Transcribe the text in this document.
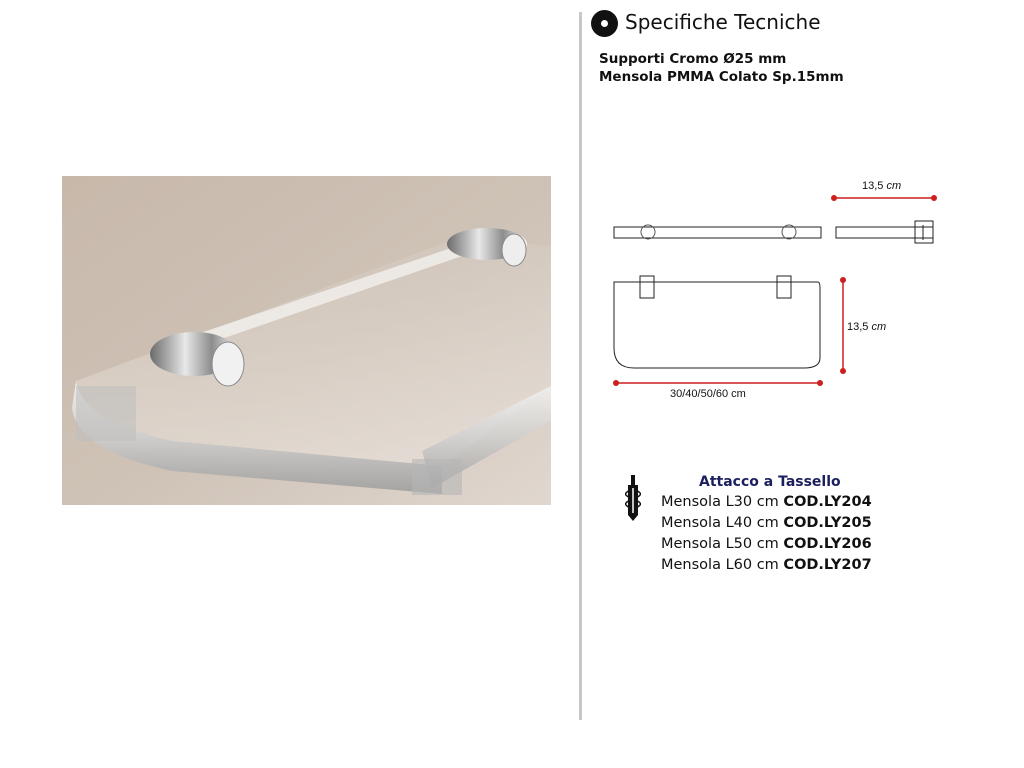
Specifiche Tecniche
Supporti Cromo Ø25 mm
Mensola PMMA Colato Sp.15mm
13,5 cm
13,5 cm
30/40/50/60 cm
Attacco a Tassello
Mensola L30 cm COD.LY204
Mensola L40 cm COD.LY205
Mensola L50 cm COD.LY206
Mensola L60 cm COD.LY207
